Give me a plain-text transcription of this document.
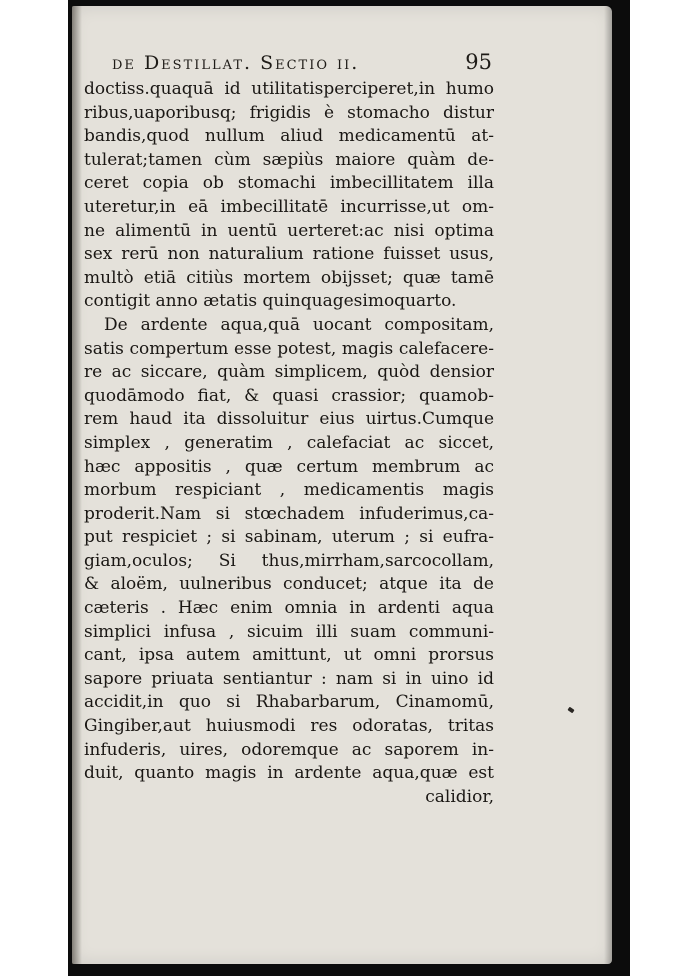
de Destillat. Sectio ii.	95
doctiss.quaquā id utilitatisperciperet,in humo
ribus,uaporibusq; frigidis è stomacho distur
bandis,quod nullum aliud medicamentū at-
tulerat;tamen cùm sæpiùs maiore quàm de-
ceret copia ob stomachi imbecillitatem illa
uteretur,in eā imbecillitatē incurrisse,ut om-
ne alimentū in uentū uerteret:ac nisi optima
sex rerū non naturalium ratione fuisset usus,
multò etiā citiùs mortem obijsset; quæ tamē
contigit anno ætatis quinquagesimoquarto.
De ardente aqua,quā uocant compositam,
satis compertum esse potest, magis calefacere-
re ac siccare, quàm simplicem, quòd densior
quodāmodo fiat, & quasi crassior; quamob-
rem haud ita dissoluitur eius uirtus.Cumque
simplex , generatim , calefaciat ac siccet,
hæc appositis , quæ certum membrum ac
morbum respiciant , medicamentis magis
proderit.Nam si stœchadem infuderimus,ca-
put respiciet ; si sabinam, uterum ; si eufra-
giam,oculos; Si thus,mirrham,sarcocollam,
& aloëm, uulneribus conducet; atque ita de
cæteris . Hæc enim omnia in ardenti aqua
simplici infusa , sicuim illi suam communi-
cant, ipsa autem amittunt, ut omni prorsus
sapore priuata sentiantur : nam si in uino id
accidit,in quo si Rhabarbarum, Cinamomū,
Gingiber,aut huiusmodi res odoratas, tritas
infuderis, uires, odoremque ac saporem in-
duit, quanto magis in ardente aqua,quæ est
calidior,
